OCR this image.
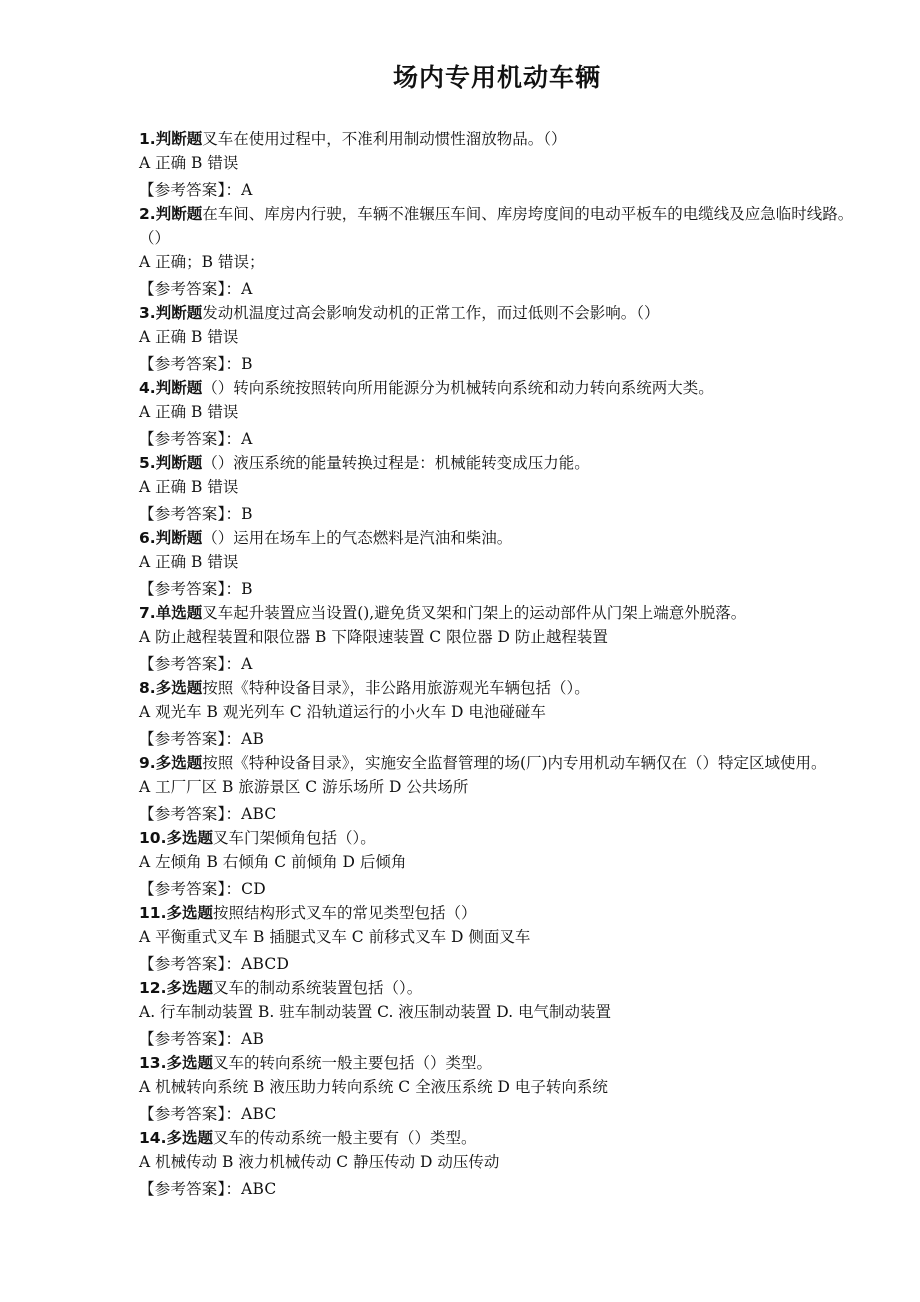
场内专用机动车辆
1.判断题叉车在使用过程中，不准利用制动惯性溜放物品。（）
A 正确 B 错误
【参考答案】：A
2.判断题在车间、库房内行驶，车辆不准辗压车间、库房垮度间的电动平板车的电缆线及应急临时线路。（）
A 正确；B 错误；
【参考答案】：A
3.判断题发动机温度过高会影响发动机的正常工作，而过低则不会影响。（）
A 正确 B 错误
【参考答案】：B
4.判断题（）转向系统按照转向所用能源分为机械转向系统和动力转向系统两大类。
A 正确 B 错误
【参考答案】：A
5.判断题（）液压系统的能量转换过程是：机械能转变成压力能。
A 正确 B 错误
【参考答案】：B
6.判断题（）运用在场车上的气态燃料是汽油和柴油。
A 正确 B 错误
【参考答案】：B
7.单选题叉车起升装置应当设置(),避免货叉架和门架上的运动部件从门架上端意外脱落。
A 防止越程装置和限位器 B 下降限速装置 C 限位器 D 防止越程装置
【参考答案】：A
8.多选题按照《特种设备目录》，非公路用旅游观光车辆包括（）。
A 观光车 B 观光列车 C 沿轨道运行的小火车 D 电池碰碰车
【参考答案】：AB
9.多选题按照《特种设备目录》，实施安全监督管理的场(厂)内专用机动车辆仅在（）特定区域使用。
A 工厂厂区 B 旅游景区 C 游乐场所 D 公共场所
【参考答案】：ABC
10.多选题叉车门架倾角包括（）。
A 左倾角 B 右倾角 C 前倾角 D 后倾角
【参考答案】：CD
11.多选题按照结构形式叉车的常见类型包括（）
A 平衡重式叉车 B 插腿式叉车 C 前移式叉车 D 侧面叉车
【参考答案】：ABCD
12.多选题叉车的制动系统装置包括（）。
A. 行车制动装置 B. 驻车制动装置 C. 液压制动装置 D. 电气制动装置
【参考答案】：AB
13.多选题叉车的转向系统一般主要包括（）类型。
A 机械转向系统 B 液压助力转向系统 C 全液压系统 D 电子转向系统
【参考答案】：ABC
14.多选题叉车的传动系统一般主要有（）类型。
A 机械传动 B 液力机械传动 C 静压传动 D 动压传动
【参考答案】：ABC
